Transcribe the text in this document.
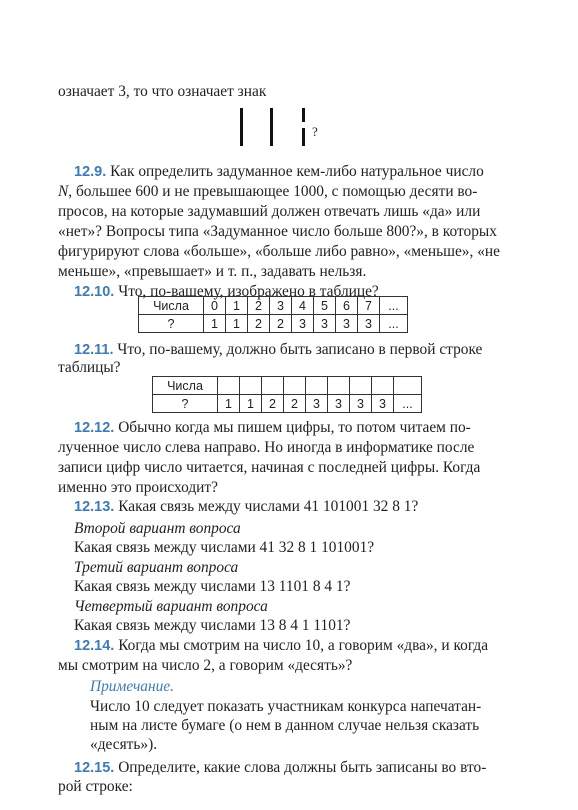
означает 3, то что означает знак
?
12.9. Как определить задуманное кем-либо натуральное число
N, большее 600 и не превышающее 1000, с помощью десяти во-
просов, на которые задумавший должен отвечать лишь «да» или
«нет»? Вопросы типа «Задуманное число больше 800?», в которых
фигурируют слова «больше», «больше либо равно», «меньше», «не
меньше», «превышает» и т. п., задавать нельзя.
12.10. Что, по-вашему, изображено в таблице?
Числа	0	1	2	3	4	5	6	7	...
?	1	1	2	2	3	3	3	3	...
12.11. Что, по-вашему, должно быть записано в первой строке
таблицы?
Числа									
?	1	1	2	2	3	3	3	3	...
12.12. Обычно когда мы пишем цифры, то потом читаем по-
лученное число слева направо. Но иногда в информатике после
записи цифр число читается, начиная с последней цифры. Когда
именно это происходит?
12.13. Какая связь между числами 41 101001 32 8 1?
Второй вариант вопроса
Какая связь между числами 41 32 8 1 101001?
Третий вариант вопроса
Какая связь между числами 13 1101 8 4 1?
Четвертый вариант вопроса
Какая связь между числами 13 8 4 1 1101?
12.14. Когда мы смотрим на число 10, а говорим «два», и когда
мы смотрим на число 2, а говорим «десять»?
Примечание.
Число 10 следует показать участникам конкурса напечатан-
ным на листе бумаге (о нем в данном случае нельзя сказать
«десять»).
12.15. Определите, какие слова должны быть записаны во вто-
рой строке:
